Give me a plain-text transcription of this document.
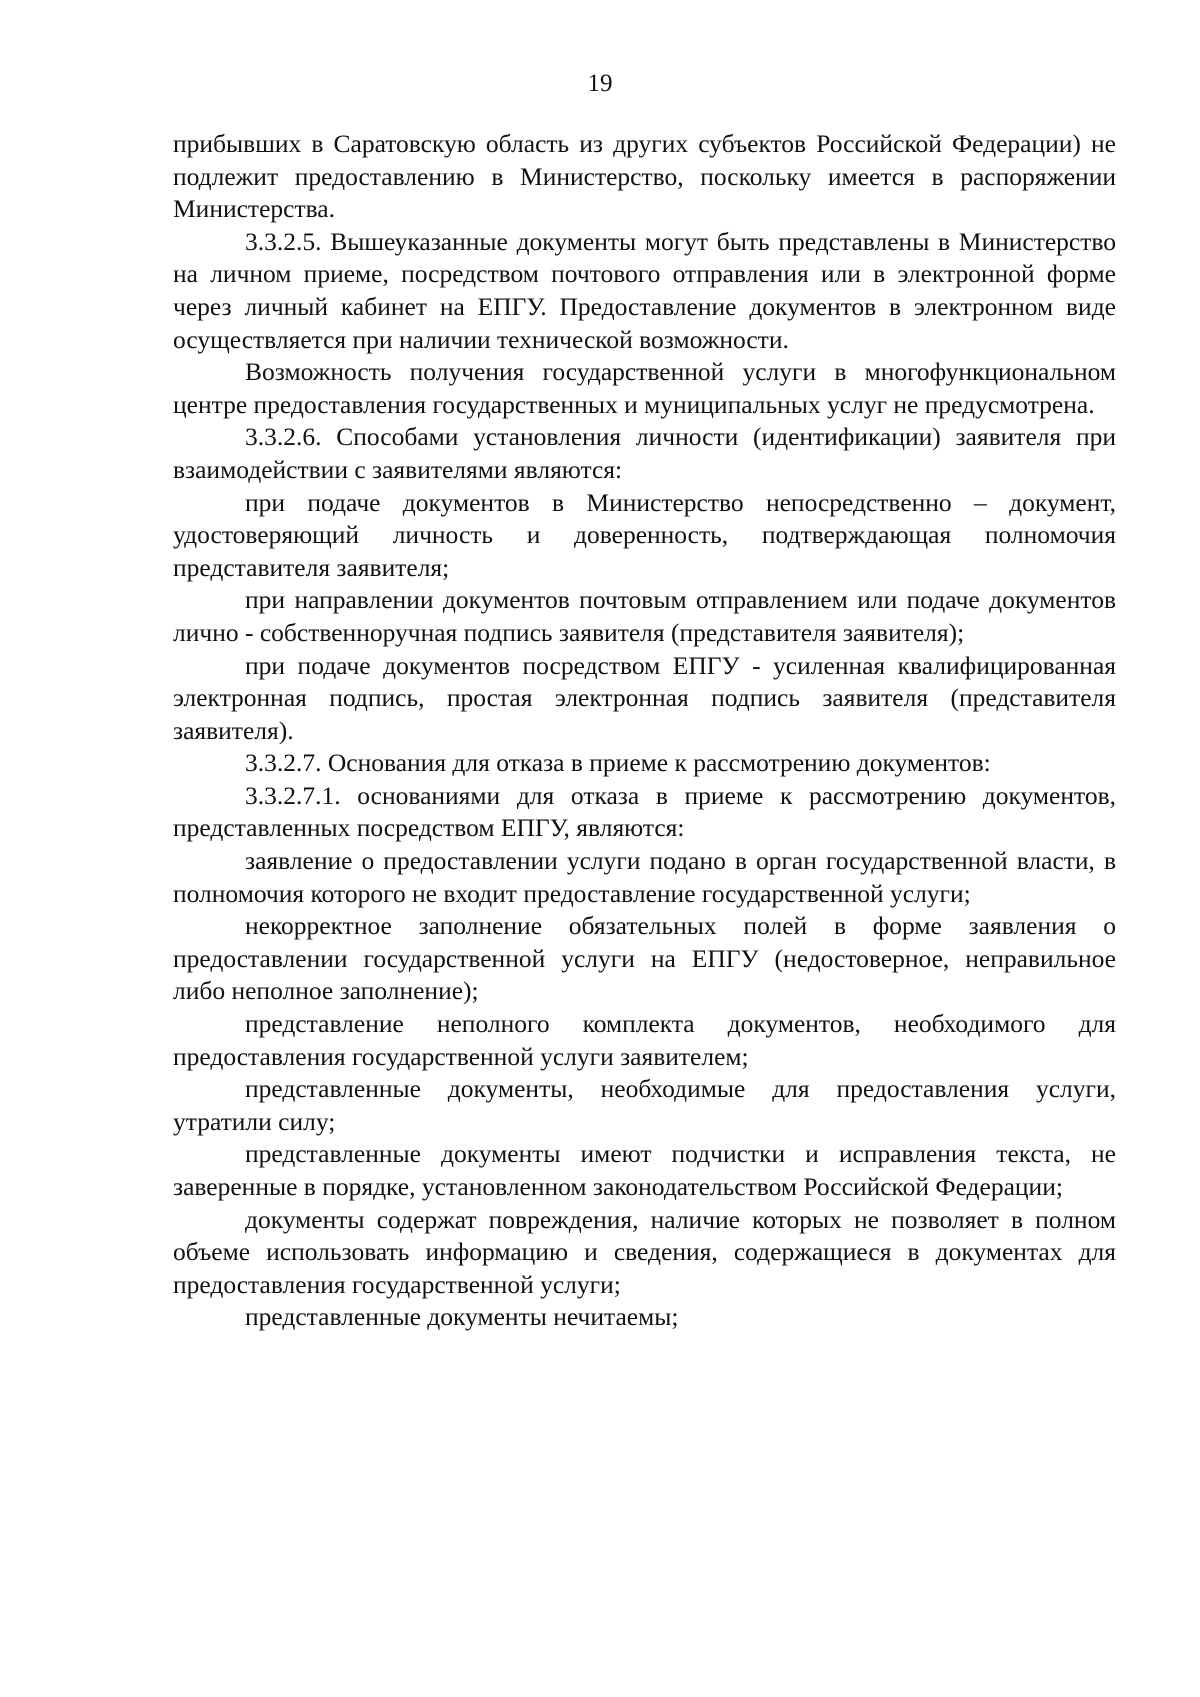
19

прибывших в Саратовскую область из других субъектов Российской Федерации) не подлежит предоставлению в Министерство, поскольку имеется в распоряжении Министерства.

3.3.2.5. Вышеуказанные документы могут быть представлены в Министерство на личном приеме, посредством почтового отправления или в электронной форме через личный кабинет на ЕПГУ. Предоставление документов в электронном виде осуществляется при наличии технической возможности.

Возможность получения государственной услуги в многофункциональном центре предоставления государственных и муниципальных услуг не предусмотрена.

3.3.2.6. Способами установления личности (идентификации) заявителя при взаимодействии с заявителями являются:

при подаче документов в Министерство непосредственно – документ, удостоверяющий личность и доверенность, подтверждающая полномочия представителя заявителя;

при направлении документов почтовым отправлением или подаче документов лично - собственноручная подпись заявителя (представителя заявителя);

при подаче документов посредством ЕПГУ - усиленная квалифицированная электронная подпись, простая электронная подпись заявителя (представителя заявителя).

3.3.2.7. Основания для отказа в приеме к рассмотрению документов:

3.3.2.7.1. основаниями для отказа в приеме к рассмотрению документов, представленных посредством ЕПГУ, являются:

заявление о предоставлении услуги подано в орган государственной власти, в полномочия которого не входит предоставление государственной услуги;

некорректное заполнение обязательных полей в форме заявления о предоставлении государственной услуги на ЕПГУ (недостоверное, неправильное либо неполное заполнение);

представление неполного комплекта документов, необходимого для предоставления государственной услуги заявителем;

представленные документы, необходимые для предоставления услуги, утратили силу;

представленные документы имеют подчистки и исправления текста, не заверенные в порядке, установленном законодательством Российской Федерации;

документы содержат повреждения, наличие которых не позволяет в полном объеме использовать информацию и сведения, содержащиеся в документах для предоставления государственной услуги;

представленные документы нечитаемы;
